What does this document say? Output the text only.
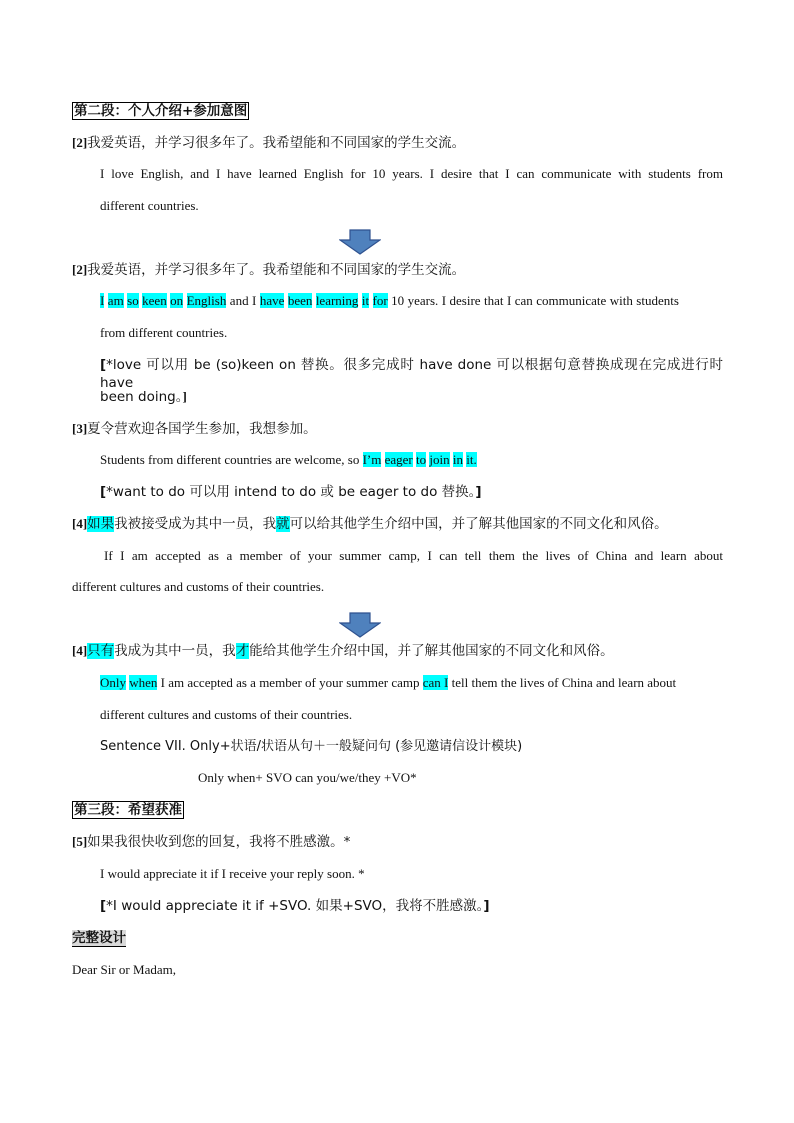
第二段：个人介绍+参加意图
[2]我爱英语，并学习很多年了。我希望能和不同国家的学生交流。
I love English, and I have learned English for 10 years. I desire that I can communicate with students from
different countries.
[2]我爱英语，并学习很多年了。我希望能和不同国家的学生交流。
I am so keen on English and I have been learning it for 10 years. I desire that I can communicate with students
from different countries.
[*love 可以用 be (so)keen on 替换。很多完成时 have done 可以根据句意替换成现在完成进行时 have
been doing。]
[3]夏令营欢迎各国学生参加，我想参加。
Students from different countries are welcome, so I’m eager to join in it.
[*want to do 可以用 intend to do 或 be eager to do 替换。]
[4]如果我被接受成为其中一员，我就可以给其他学生介绍中国，并了解其他国家的不同文化和风俗。
If I am accepted as a member of your summer camp, I can tell them the lives of China and learn about
different cultures and customs of their countries.
[4]只有我成为其中一员，我才能给其他学生介绍中国，并了解其他国家的不同文化和风俗。
Only when I am accepted as a member of your summer camp can I tell them the lives of China and learn about
different cultures and customs of their countries.
Sentence VII. Only+状语/状语从句＋一般疑问句 (参见邀请信设计模块)
Only when+ SVO can you/we/they +VO*
第三段：希望获准
[5]如果我很快收到您的回复，我将不胜感激。*
I would appreciate it if I receive your reply soon. *
[*I would appreciate it if +SVO. 如果+SVO，我将不胜感激。]
完整设计
Dear Sir or Madam,
